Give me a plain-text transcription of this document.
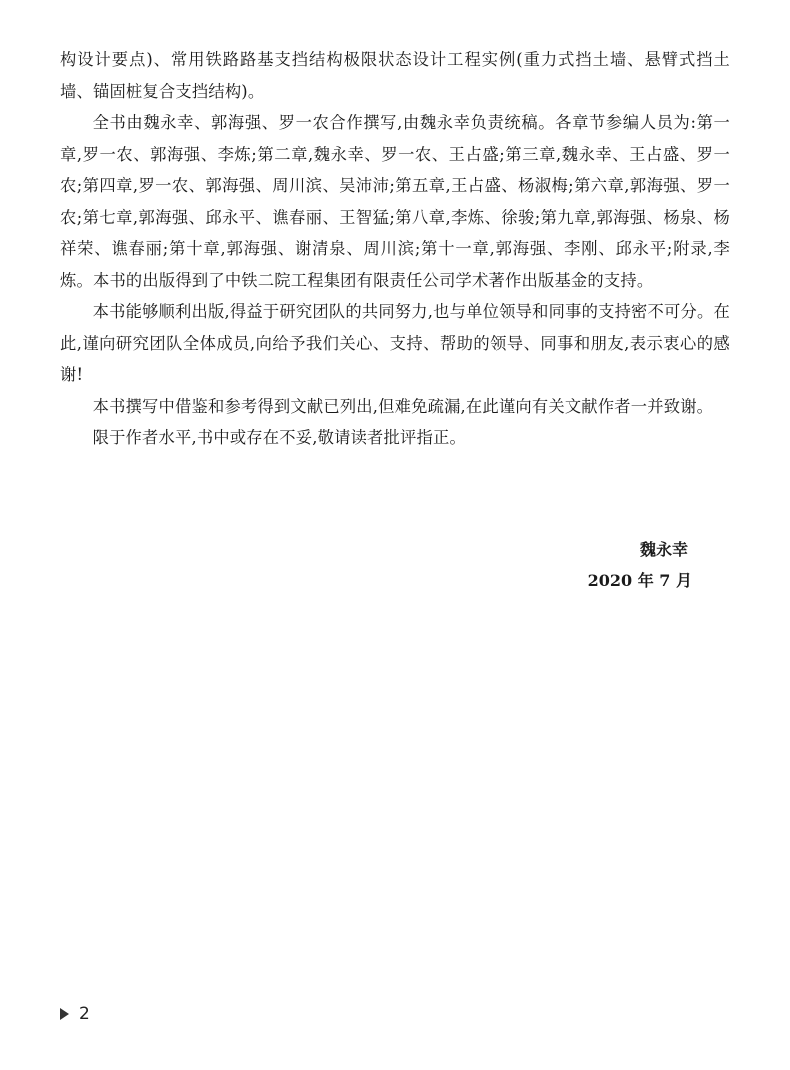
构设计要点)、常用铁路路基支挡结构极限状态设计工程实例(重力式挡土墙、悬臂式挡土墙、锚固桩复合支挡结构)。

全书由魏永幸、郭海强、罗一农合作撰写,由魏永幸负责统稿。各章节参编人员为:第一章,罗一农、郭海强、李炼;第二章,魏永幸、罗一农、王占盛;第三章,魏永幸、王占盛、罗一农;第四章,罗一农、郭海强、周川滨、吴沛沛;第五章,王占盛、杨淑梅;第六章,郭海强、罗一农;第七章,郭海强、邱永平、谯春丽、王智猛;第八章,李炼、徐骏;第九章,郭海强、杨泉、杨祥荣、谯春丽;第十章,郭海强、谢清泉、周川滨;第十一章,郭海强、李刚、邱永平;附录,李炼。本书的出版得到了中铁二院工程集团有限责任公司学术著作出版基金的支持。

本书能够顺利出版,得益于研究团队的共同努力,也与单位领导和同事的支持密不可分。在此,谨向研究团队全体成员,向给予我们关心、支持、帮助的领导、同事和朋友,表示衷心的感谢!

本书撰写中借鉴和参考得到文献已列出,但难免疏漏,在此谨向有关文献作者一并致谢。

限于作者水平,书中或存在不妥,敬请读者批评指正。

魏永幸
2020 年 7 月
2
